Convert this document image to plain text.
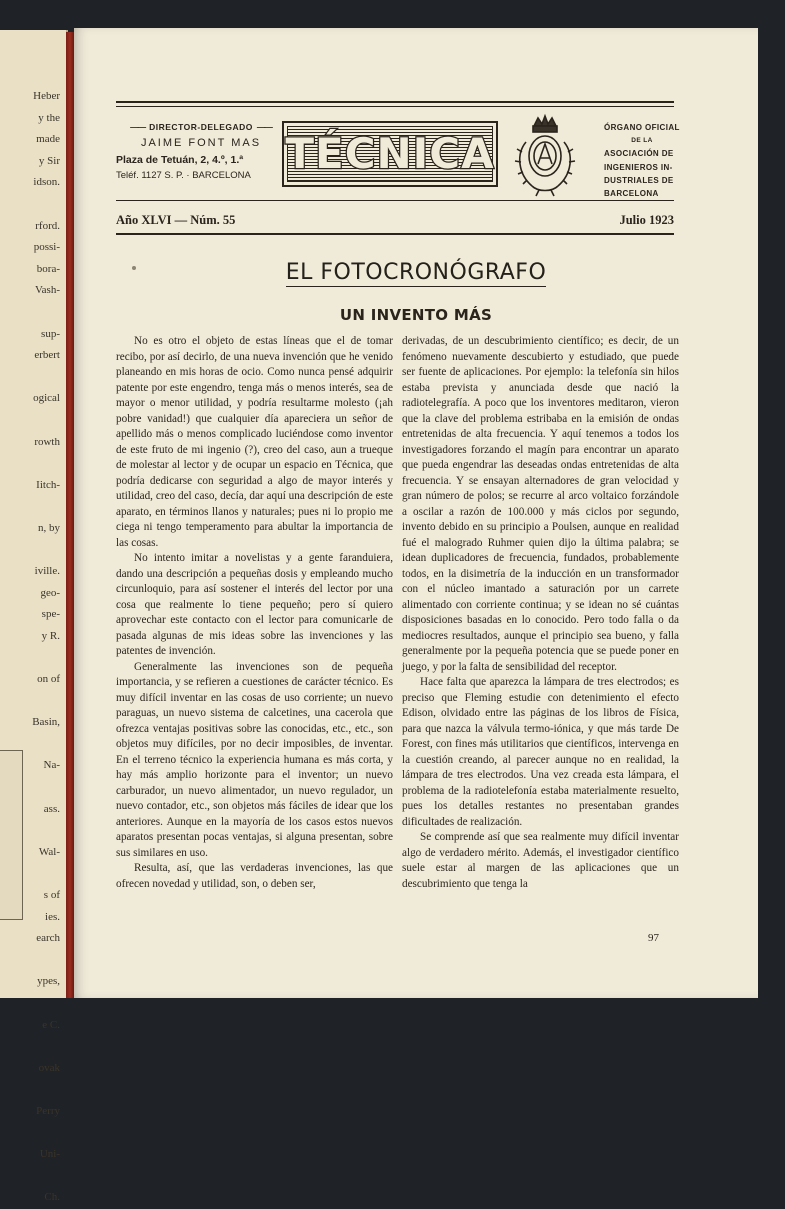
Heber
y the
made
y Sir
idson.

rford.
possi-
bora-
Vash-

sup-
erbert

ogical

rowth

Iitch-

n, by

iville.
geo-
spe-
y R.

on of

Basin,

Na-

ass.

Wal-

s of
ies.
earch

ypes,

e C.

ovak

Perry

Uni-

Ch.
—— DIRECTOR-DELEGADO ——
JAIME FONT MAS
Plaza de Tetuán, 2, 4.º, 1.ª
Teléf. 1127 S. P. · BARCELONA TÉCNICA
ÓRGANO OFICIAL
DE LA
ASOCIACIÓN DE
INGENIEROS IN-
DUSTRIALES DE
BARCELONA
Año XLVI — Núm. 55	Julio 1923
EL FOTOCRONÓGRAFO
UN INVENTO MÁS

No es otro el objeto de estas líneas que el de tomar recibo, por así decirlo, de una nueva invención que he venido planeando en mis horas de ocio. Como nunca pensé adquirir patente por este engendro, tenga más o menos interés, sea de mayor o menor utilidad, y podría resultarme molesto (¡ah pobre vanidad!) que cualquier día apareciera un señor de apellido más o menos complicado luciéndose como inventor de este fruto de mi ingenio (?), creo del caso, aun a trueque de molestar al lector y de ocupar un espacio en Técnica, que podría dedicarse con seguridad a algo de mayor interés y utilidad, creo del caso, decía, dar aquí una descripción de este aparato, en términos llanos y naturales; pues ni lo propio me ciega ni tengo temperamento para abultar la importancia de las cosas.

No intento imitar a novelistas y a gente faranduiera, dando una descripción a pequeñas dosis y empleando mucho circunloquio, para así sostener el interés del lector por una cosa que realmente lo tiene pequeño; pero sí quiero aprovechar este contacto con el lector para comunicarle de pasada algunas de mis ideas sobre las invenciones y las patentes de invención.

Generalmente las invenciones son de pequeña importancia, y se refieren a cuestiones de carácter técnico. Es muy difícil inventar en las cosas de uso corriente; un nuevo paraguas, un nuevo sistema de calcetines, una cacerola que ofrezca ventajas positivas sobre las conocidas, etc., etc., son objetos muy difíciles, por no decir imposibles, de inventar. En el terreno técnico la experiencia humana es más corta, y hay más amplio horizonte para el inventor; un nuevo carburador, un nuevo alimentador, un nuevo regulador, un nuevo contador, etc., son objetos más fáciles de idear que los anteriores. Aunque en la mayoría de los casos estos nuevos aparatos presentan pocas ventajas, si alguna presentan, sobre sus similares en uso.

Resulta, así, que las verdaderas invenciones, las que ofrecen novedad y utilidad, son, o deben ser,

derivadas, de un descubrimiento científico; es decir, de un fenómeno nuevamente descubierto y estudiado, que puede ser fuente de aplicaciones. Por ejemplo: la telefonía sin hilos estaba prevista y anunciada desde que nació la radiotelegrafía. A poco que los inventores meditaron, vieron que la clave del problema estribaba en la emisión de ondas entretenidas de alta frecuencia. Y aquí tenemos a todos los investigadores forzando el magín para encontrar un aparato que pueda engendrar las deseadas ondas entretenidas de alta frecuencia. Y se ensayan alternadores de gran velocidad y gran número de polos; se recurre al arco voltaico forzándole a oscilar a razón de 100.000 y más ciclos por segundo, invento debido en su principio a Poulsen, aunque en realidad fué el malogrado Ruhmer quien dijo la última palabra; se idean duplicadores de frecuencia, fundados, probablemente todos, en la disimetría de la inducción en un transformador con el núcleo imantado a saturación por un carrete alimentado con corriente continua; y se idean no sé cuántas disposiciones basadas en lo conocido. Pero todo falla o da mediocres resultados, aunque el principio sea bueno, y falla generalmente por la pequeña potencia que se puede poner en juego, y por la falta de sensibilidad del receptor.

Hace falta que aparezca la lámpara de tres electrodos; es preciso que Fleming estudie con detenimiento el efecto Edison, olvidado entre las páginas de los libros de Física, para que nazca la válvula termo-iónica, y que más tarde De Forest, con fines más utilitarios que científicos, intervenga en la cuestión creando, al parecer aunque no en realidad, la lámpara de tres electrodos. Una vez creada esta lámpara, el problema de la radiotelefonía estaba materialmente resuelto, pues los detalles restantes no presentaban grandes dificultades de realización.

Se comprende así que sea realmente muy difícil inventar algo de verdadero mérito. Además, el investigador científico suele estar al margen de las aplicaciones que un descubrimiento que tenga la

97
